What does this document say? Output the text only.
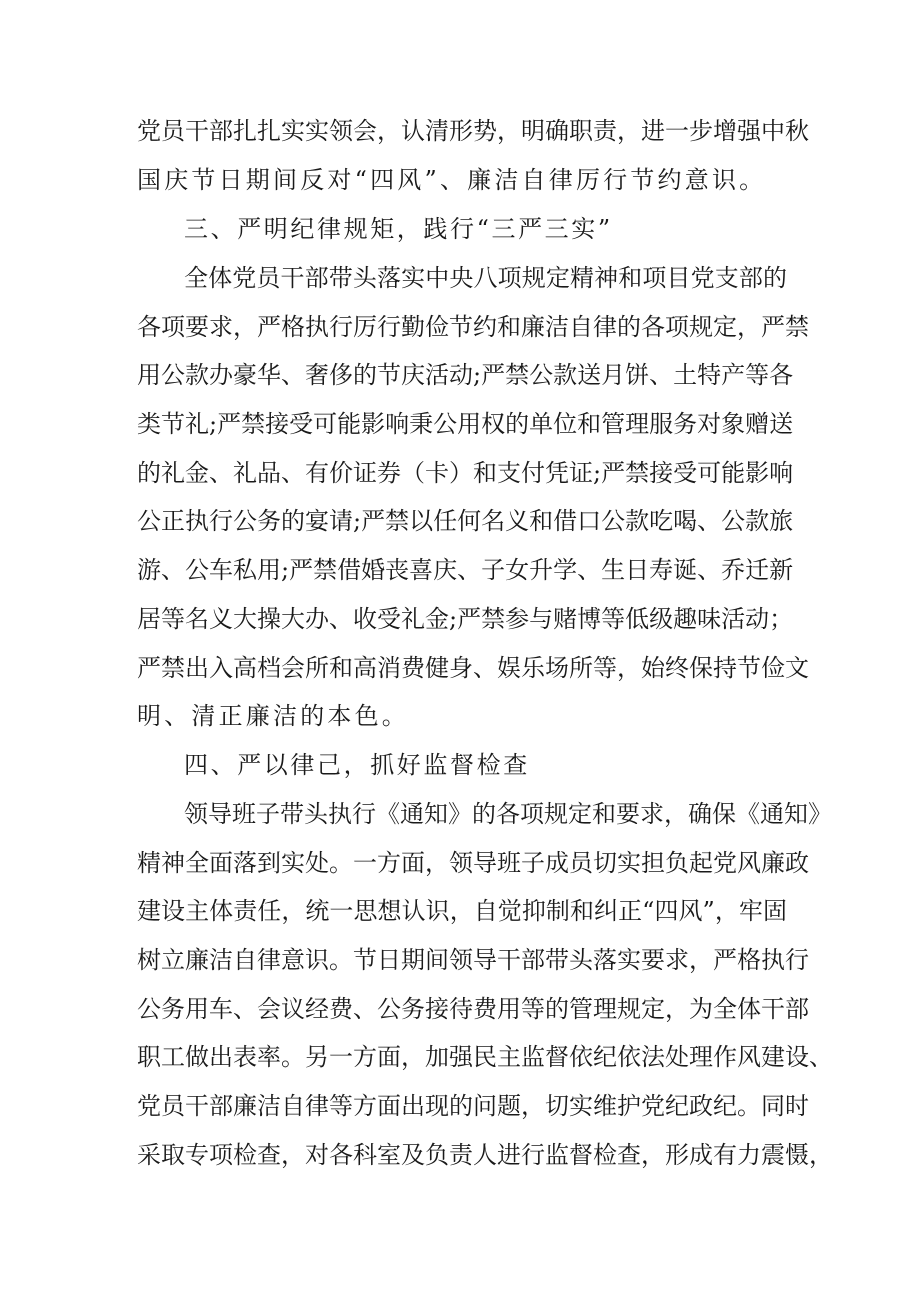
党员干部扎扎实实领会，认清形势，明确职责，进一步增强中秋
国庆节日期间反对“四风”、廉洁自律厉行节约意识。
三、严明纪律规矩，践行“三严三实”
全体党员干部带头落实中央八项规定精神和项目党支部的
各项要求，严格执行厉行勤俭节约和廉洁自律的各项规定，严禁
用公款办豪华、奢侈的节庆活动;严禁公款送月饼、土特产等各
类节礼;严禁接受可能影响秉公用权的单位和管理服务对象赠送
的礼金、礼品、有价证券（卡）和支付凭证;严禁接受可能影响
公正执行公务的宴请;严禁以任何名义和借口公款吃喝、公款旅
游、公车私用;严禁借婚丧喜庆、子女升学、生日寿诞、乔迁新
居等名义大操大办、收受礼金;严禁参与赌博等低级趣味活动；
严禁出入高档会所和高消费健身、娱乐场所等，始终保持节俭文
明、清正廉洁的本色。
四、严以律己，抓好监督检查
领导班子带头执行《通知》的各项规定和要求，确保《通知》
精神全面落到实处。一方面，领导班子成员切实担负起党风廉政
建设主体责任，统一思想认识，自觉抑制和纠正“四风”，牢固
树立廉洁自律意识。节日期间领导干部带头落实要求，严格执行
公务用车、会议经费、公务接待费用等的管理规定，为全体干部
职工做出表率。另一方面，加强民主监督依纪依法处理作风建设、
党员干部廉洁自律等方面出现的问题，切实维护党纪政纪。同时
采取专项检查，对各科室及负责人进行监督检查，形成有力震慑，
